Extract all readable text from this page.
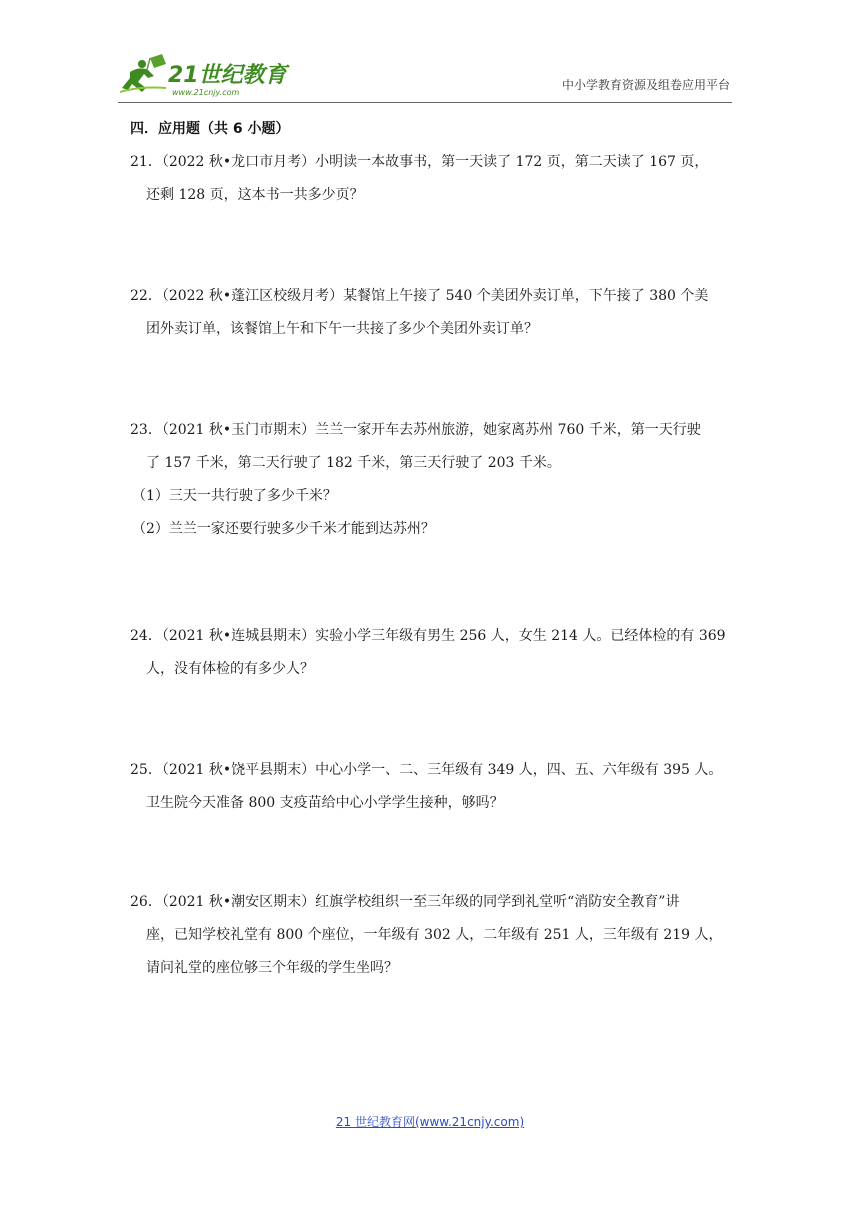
21世纪教育
www.21cnjy.com
中小学教育资源及组卷应用平台
四．应用题（共 6 小题）
21．（2022 秋•龙口市月考）小明读一本故事书，第一天读了 172 页，第二天读了 167 页，
还剩 128 页，这本书一共多少页？
22．（2022 秋•蓬江区校级月考）某餐馆上午接了 540 个美团外卖订单，下午接了 380 个美
团外卖订单，该餐馆上午和下午一共接了多少个美团外卖订单？
23．（2021 秋•玉门市期末）兰兰一家开车去苏州旅游，她家离苏州 760 千米，第一天行驶
了 157 千米，第二天行驶了 182 千米，第三天行驶了 203 千米。
（1）三天一共行驶了多少千米？
（2）兰兰一家还要行驶多少千米才能到达苏州？
24．（2021 秋•连城县期末）实验小学三年级有男生 256 人，女生 214 人。已经体检的有 369
人，没有体检的有多少人？
25．（2021 秋•饶平县期末）中心小学一、二、三年级有 349 人，四、五、六年级有 395 人。
卫生院今天准备 800 支疫苗给中心小学学生接种，够吗？
26．（2021 秋•潮安区期末）红旗学校组织一至三年级的同学到礼堂听“消防安全教育”讲
座，已知学校礼堂有 800 个座位，一年级有 302 人，二年级有 251 人，三年级有 219 人，
请问礼堂的座位够三个年级的学生坐吗？
21 世纪教育网(www.21cnjy.com)
